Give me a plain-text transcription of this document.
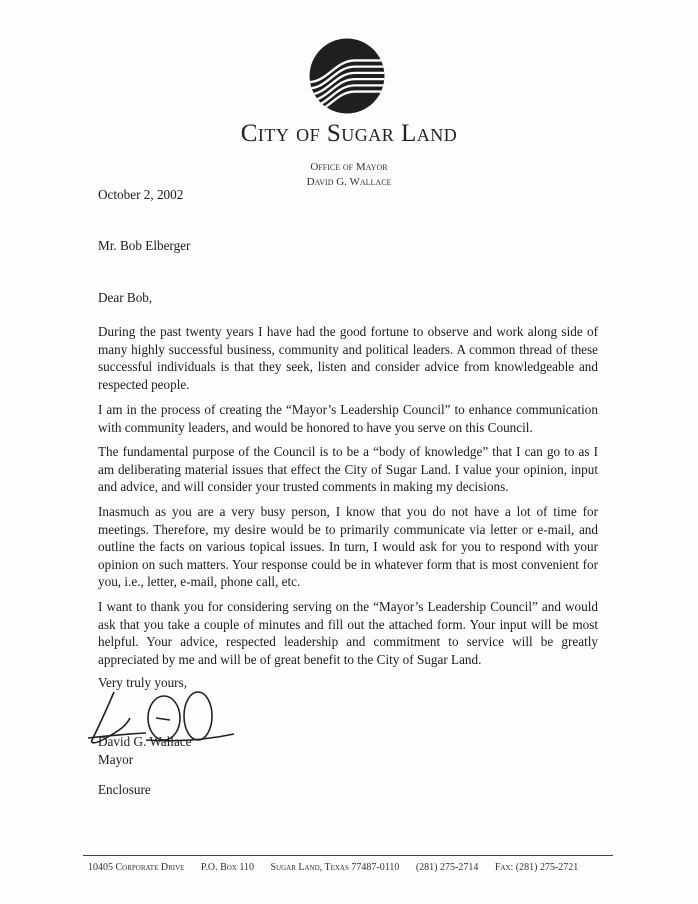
City of Sugar Land
Office of Mayor
David G. Wallace
October 2, 2002
Mr. Bob Elberger
Dear Bob,
During the past twenty years I have had the good fortune to observe and work along side of many highly successful business, community and political leaders. A common thread of these successful individuals is that they seek, listen and consider advice from knowledgeable and respected people.
I am in the process of creating the “Mayor’s Leadership Council” to enhance communication with community leaders, and would be honored to have you serve on this Council.
The fundamental purpose of the Council is to be a “body of knowledge” that I can go to as I am deliberating material issues that effect the City of Sugar Land. I value your opinion, input and advice, and will consider your trusted comments in making my decisions.
Inasmuch as you are a very busy person, I know that you do not have a lot of time for meetings. Therefore, my desire would be to primarily communicate via letter or e-mail, and outline the facts on various topical issues. In turn, I would ask for you to respond with your opinion on such matters. Your response could be in whatever form that is most convenient for you, i.e., letter, e-mail, phone call, etc.
I want to thank you for considering serving on the “Mayor’s Leadership Council” and would ask that you take a couple of minutes and fill out the attached form. Your input will be most helpful. Your advice, respected leadership and commitment to service will be greatly appreciated by me and will be of great benefit to the City of Sugar Land.
Very truly yours,
David G. Wallace
Mayor
Enclosure
10405 Corporate Drive P.O. Box 110 Sugar Land, Texas 77487-0110 (281) 275-2714 Fax: (281) 275-2721
